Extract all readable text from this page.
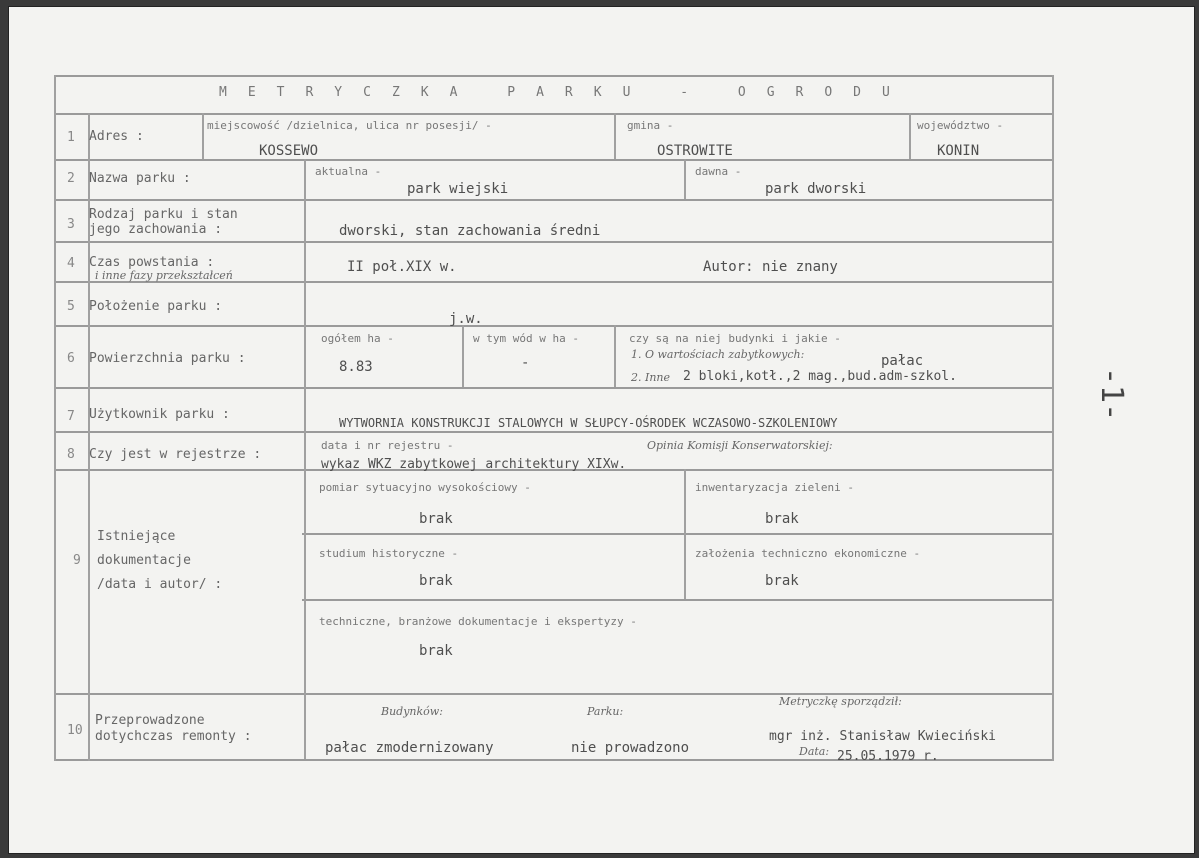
METRYCZKA PARKU - OGRODU
1 Adres :
miejscowość /dzielnica, ulica nr posesji/ -
KOSSEWO
gmina -
OSTROWITE
województwo -
KONIN
2 Nazwa parku :	aktualna -
park wiejski
dawna -
park dworski
3
Rodzaj parku i stan
jego zachowania :	dworski, stan zachowania średni
4 Czas powstania :
i inne fazy przekształceń
II poł.XIX w.	Autor: nie znany
5 Położenie parku :
j.w.
6 Powierzchnia parku :
ogółem ha -
8.83
w tym wód w ha -
-
czy są na niej budynki i jakie -
1. O wartościach zabytkowych:	pałac
2. Inne 2 bloki,kotł.,2 mag.,bud.adm-szkol.
7 Użytkownik parku :
WYTWORNIA KONSTRUKCJI STALOWYCH W SŁUPCY-OŚRODEK WCZASOWO-SZKOLENIOWY
8 Czy jest w rejestrze :
data i nr rejestru -	Opinia Komisji Konserwatorskiej:
wykaz WKZ zabytkowej architektury XIXw.
9
Istniejące
dokumentacje
/data i autor/ :
pomiar sytuacyjno wysokościowy -
brak
inwentaryzacja zieleni -
brak
studium historyczne -
brak
założenia techniczno ekonomiczne -
brak
techniczne, branżowe dokumentacje i ekspertyzy -
brak
10
Przeprowadzone
dotychczas remonty :
Budynków:
pałac zmodernizowany
Parku:
nie prowadzono
Metryczkę sporządził:
mgr inż. Stanisław Kwieciński
Data: 25.05.1979 r.
-1-
